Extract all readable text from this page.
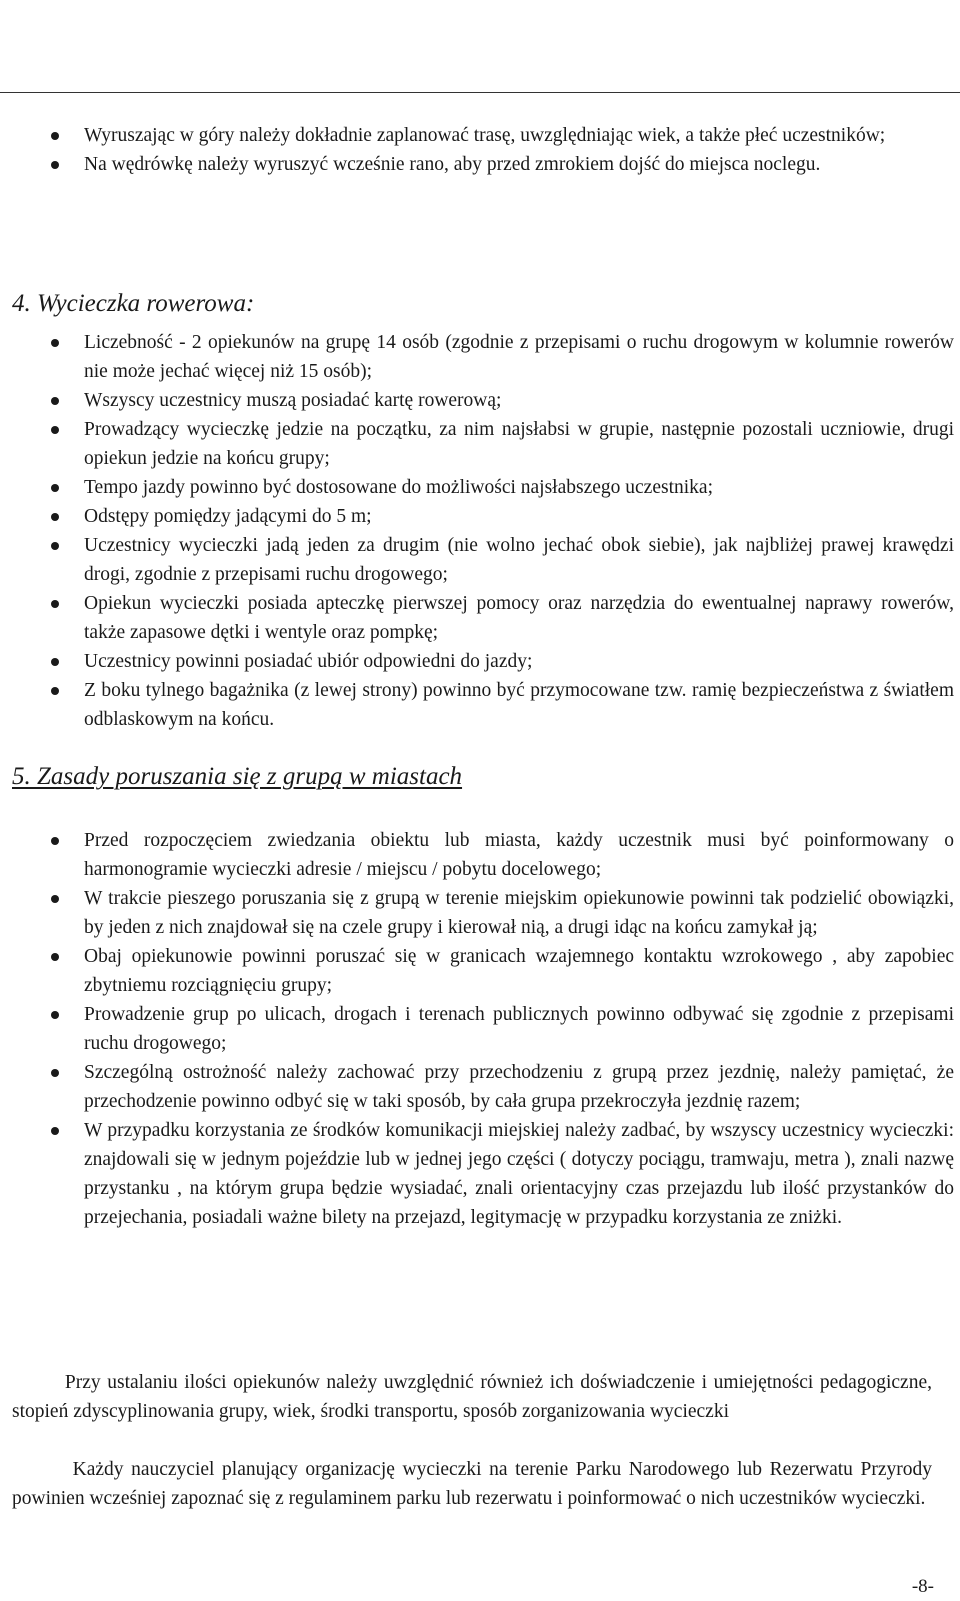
PROCEDURY ORGANIZACJI WYCIECZEK /IMPREZ SZKOLNYCH
W I LICEUM OGÓLNOKSZTAŁCĄCYM
im. Mikołaja Kopernika
w Radomiu
Wyruszając w góry należy dokładnie zaplanować trasę, uwzględniając wiek, a także płeć uczestników;
Na wędrówkę należy wyruszyć wcześnie rano, aby przed zmrokiem dojść do miejsca noclegu.
4. Wycieczka rowerowa:
Liczebność - 2 opiekunów na grupę 14 osób (zgodnie z przepisami o ruchu drogowym w kolumnie rowerów nie może jechać więcej niż 15 osób);
Wszyscy uczestnicy muszą posiadać kartę rowerową;
Prowadzący wycieczkę jedzie na początku, za nim najsłabsi w grupie, następnie pozostali uczniowie, drugi opiekun jedzie na końcu grupy;
Tempo jazdy powinno być dostosowane do możliwości najsłabszego uczestnika;
Odstępy pomiędzy jadącymi do 5 m;
Uczestnicy wycieczki jadą jeden za drugim (nie wolno jechać obok siebie), jak najbliżej prawej krawędzi drogi, zgodnie z przepisami ruchu drogowego;
Opiekun wycieczki posiada apteczkę pierwszej pomocy oraz narzędzia do ewentualnej naprawy rowerów, także zapasowe dętki i wentyle oraz pompkę;
Uczestnicy powinni posiadać ubiór odpowiedni do jazdy;
Z boku tylnego bagażnika (z lewej strony) powinno być przymocowane tzw. ramię bezpieczeństwa z światłem odblaskowym na końcu.
5. Zasady poruszania się z grupą w miastach
Przed rozpoczęciem zwiedzania obiektu lub miasta, każdy uczestnik musi być poinformowany o harmonogramie wycieczki adresie / miejscu / pobytu docelowego;
W trakcie pieszego poruszania się z grupą w terenie miejskim opiekunowie powinni tak podzielić obowiązki, by jeden z nich znajdował się na czele grupy i kierował nią, a drugi idąc na końcu zamykał ją;
Obaj opiekunowie powinni poruszać się w granicach wzajemnego kontaktu wzrokowego , aby zapobiec zbytniemu rozciągnięciu grupy;
Prowadzenie grup po ulicach, drogach i terenach publicznych powinno odbywać się zgodnie z przepisami ruchu drogowego;
Szczególną ostrożność należy zachować przy przechodzeniu z grupą przez jezdnię, należy pamiętać, że przechodzenie powinno odbyć się w taki sposób, by cała grupa przekroczyła jezdnię razem;
W przypadku korzystania ze środków komunikacji miejskiej należy zadbać, by wszyscy uczestnicy wycieczki: znajdowali się w jednym pojeździe lub w jednej jego części ( dotyczy pociągu, tramwaju, metra ), znali nazwę przystanku , na którym grupa będzie wysiadać, znali orientacyjny czas przejazdu lub ilość przystanków do przejechania, posiadali ważne bilety na przejazd, legitymację w przypadku korzystania ze zniżki.

Przy ustalaniu ilości opiekunów należy uwzględnić również ich doświadczenie i umiejętności pedagogiczne, stopień zdyscyplinowania grupy, wiek, środki transportu, sposób zorganizowania wycieczki

Każdy nauczyciel planujący organizację wycieczki na terenie Parku Narodowego lub Rezerwatu Przyrody powinien wcześniej zapoznać się z regulaminem parku lub rezerwatu i poinformować o nich uczestników wycieczki.

-8-
